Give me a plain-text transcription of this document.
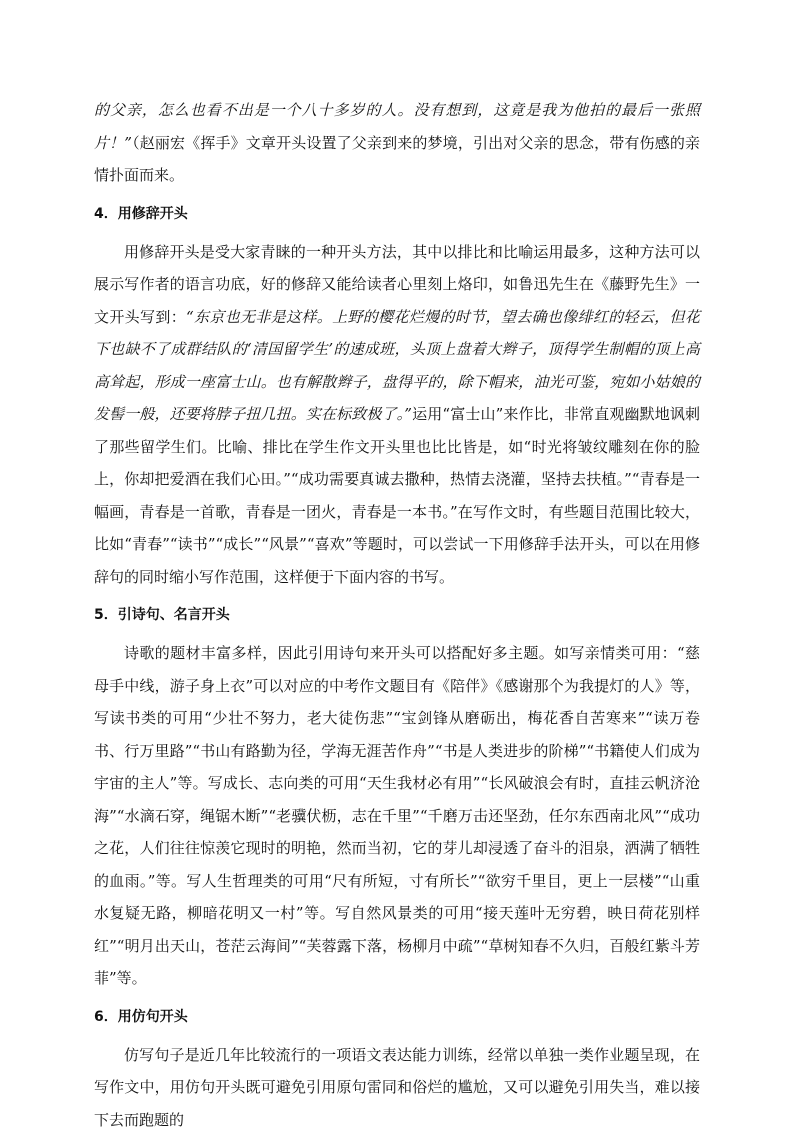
的父亲，怎么也看不出是一个八十多岁的人。没有想到，这竟是我为他拍的最后一张照片！”（赵丽宏《挥手》文章开头设置了父亲到来的梦境，引出对父亲的思念，带有伤感的亲情扑面而来。

4．用修辞开头

用修辞开头是受大家青睐的一种开头方法，其中以排比和比喻运用最多，这种方法可以展示写作者的语言功底，好的修辞又能给读者心里刻上烙印，如鲁迅先生在《藤野先生》一文开头写到：“东京也无非是这样。上野的樱花烂熳的时节，望去确也像绯红的轻云，但花下也缺不了成群结队的‘清国留学生’的速成班，头顶上盘着大辫子，顶得学生制帽的顶上高高耸起，形成一座富士山。也有解散辫子，盘得平的，除下帽来，油光可鉴，宛如小姑娘的发髻一般，还要将脖子扭几扭。实在标致极了。”运用“富士山”来作比，非常直观幽默地讽刺了那些留学生们。比喻、排比在学生作文开头里也比比皆是，如“时光将皱纹雕刻在你的脸上，你却把爱酒在我们心田。”“成功需要真诚去撒种，热情去浇灌，坚持去扶植。”“青春是一幅画，青春是一首歌，青春是一团火，青春是一本书。”在写作文时，有些题目范围比较大，比如“青春”“读书”“成长”“风景”“喜欢”等题时，可以尝试一下用修辞手法开头，可以在用修辞句的同时缩小写作范围，这样便于下面内容的书写。

5．引诗句、名言开头

诗歌的题材丰富多样，因此引用诗句来开头可以搭配好多主题。如写亲情类可用：“慈母手中线，游子身上衣”可以对应的中考作文题目有《陪伴》《感谢那个为我提灯的人》等，写读书类的可用“少壮不努力，老大徒伤悲”“宝剑锋从磨砺出，梅花香自苦寒来”“读万卷书、行万里路”“书山有路勤为径，学海无涯苦作舟”“书是人类进步的阶梯”“书籍使人们成为宇宙的主人”等。写成长、志向类的可用“天生我材必有用”“长风破浪会有时，直挂云帆济沧海”“水滴石穿，绳锯木断”“老骥伏枥，志在千里”“千磨万击还坚劲，任尔东西南北风”“成功之花，人们往往惊羡它现时的明艳，然而当初，它的芽儿却浸透了奋斗的泪泉，洒满了牺牲的血雨。”等。写人生哲理类的可用“尺有所短，寸有所长”“欲穷千里目，更上一层楼”“山重水复疑无路，柳暗花明又一村”等。写自然风景类的可用“接天莲叶无穷碧，映日荷花别样红”“明月出天山，苍茫云海间”“芙蓉露下落，杨柳月中疏”“草树知春不久归，百般红紫斗芳菲”等。

6．用仿句开头

仿写句子是近几年比较流行的一项语文表达能力训练，经常以单独一类作业题呈现，在写作文中，用仿句开头既可避免引用原句雷同和俗烂的尴尬，又可以避免引用失当，难以接下去而跑题的
